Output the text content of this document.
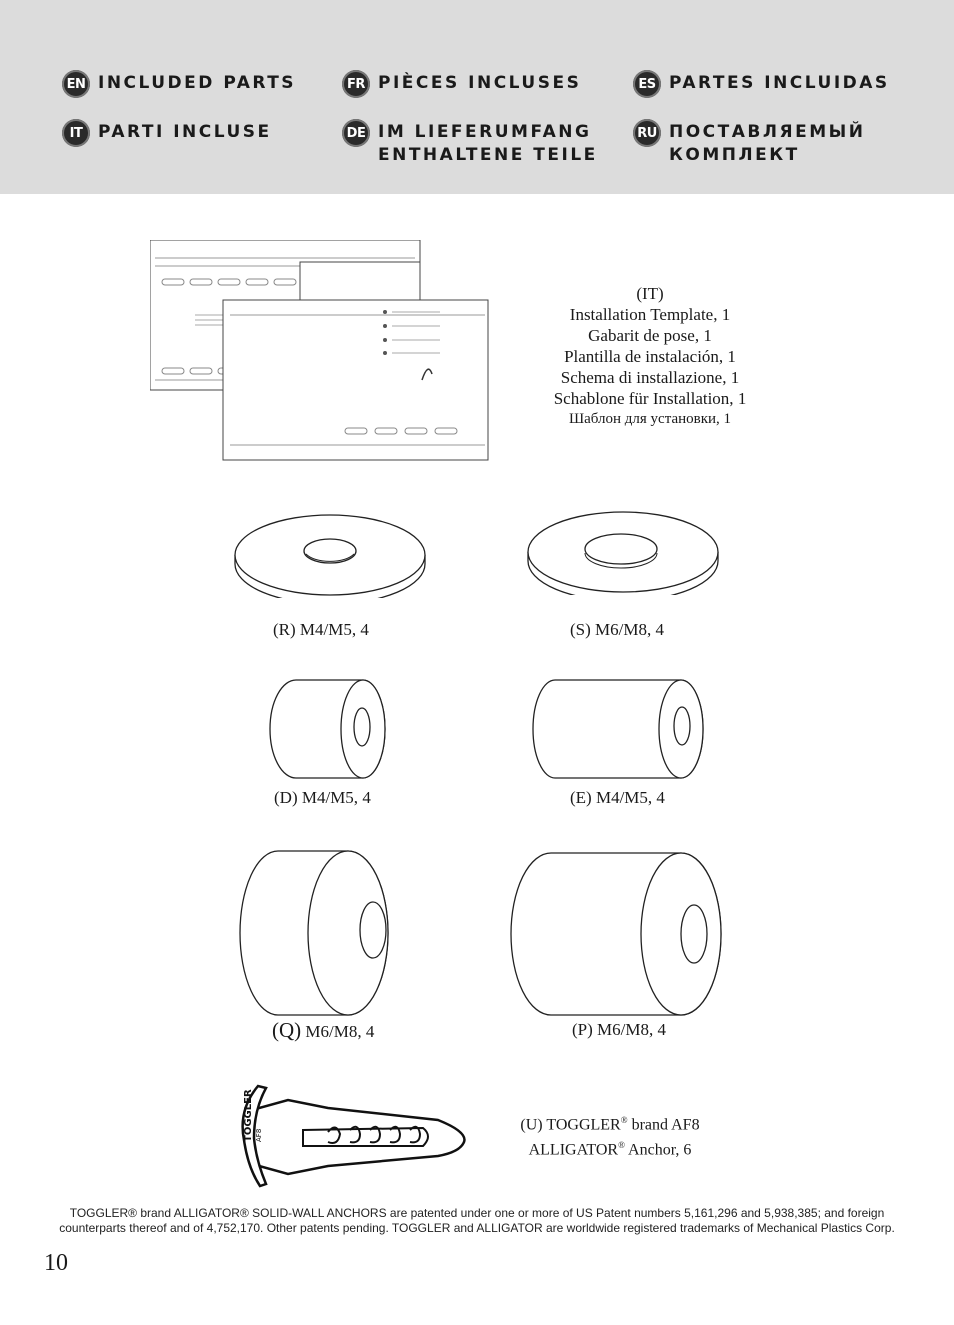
EN INCLUDED PARTS	FR PIÈCES INCLUSES	ES PARTES INCLUIDAS
IT PARTI INCLUSE	DE IM LIEFERUMFANG
ENTHALTENE TEILE
RU ПОСТАВЛЯЕМЫЙ
КОМПЛЕКТ
(IT)
Installation Template, 1
Gabarit de pose, 1
Plantilla de instalación, 1
Schema di installazione, 1
Schablone für Installation, 1
Шаблон для установки, 1
(R) M4/M5, 4	(S) M6/M8, 4
(D) M4/M5, 4	(E) M4/M5, 4
(Q) M6/M8, 4	(P) M6/M8, 4
TOGGLER AF8
(U) TOGGLER® brand AF8
ALLIGATOR® Anchor, 6
TOGGLER® brand ALLIGATOR® SOLID-WALL ANCHORS are patented under one or more of US Patent numbers 5,161,296 and 5,938,385; and foreign
counterparts thereof and of 4,752,170. Other patents pending. TOGGLER and ALLIGATOR are worldwide registered trademarks of Mechanical Plastics Corp.
10
